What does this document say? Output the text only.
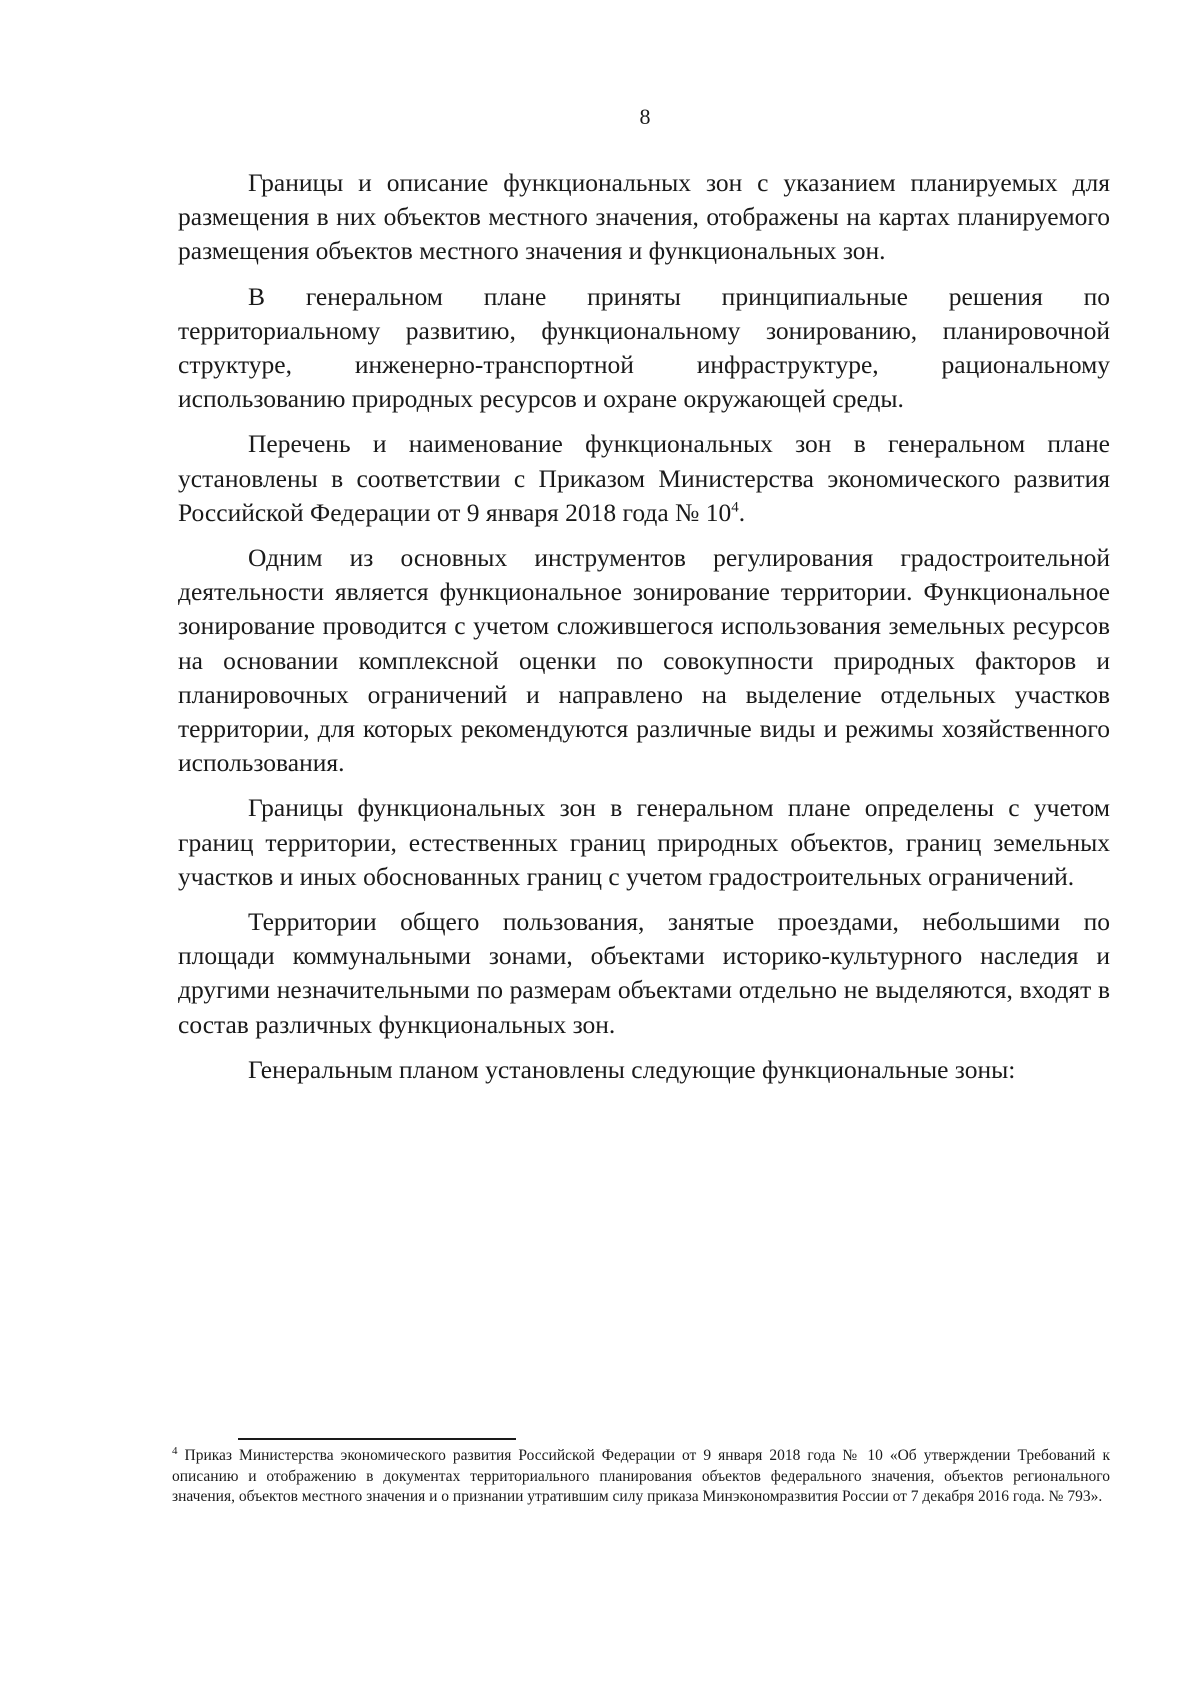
8

Границы и описание функциональных зон с указанием планируемых для размещения в них объектов местного значения, отображены на картах планируемого размещения объектов местного значения и функциональных зон.

В генеральном плане приняты принципиальные решения по территориальному развитию, функциональному зонированию, планировочной структуре, инженерно-транспортной инфраструктуре, рациональному использованию природных ресурсов и охране окружающей среды.

Перечень и наименование функциональных зон в генеральном плане установлены в соответствии с Приказом Министерства экономического развития Российской Федерации от 9 января 2018 года № $10^4$.

Одним из основных инструментов регулирования градостроительной деятельности является функциональное зонирование территории. Функциональное зонирование проводится с учетом сложившегося использования земельных ресурсов на основании комплексной оценки по совокупности природных факторов и планировочных ограничений и направлено на выделение отдельных участков территории, для которых рекомендуются различные виды и режимы хозяйственного использования.

Границы функциональных зон в генеральном плане определены с учетом границ территории, естественных границ природных объектов, границ земельных участков и иных обоснованных границ с учетом градостроительных ограничений.

Территории общего пользования, занятые проездами, небольшими по площади коммунальными зонами, объектами историко-культурного наследия и другими незначительными по размерам объектами отдельно не выделяются, входят в состав различных функциональных зон.

Генеральным планом установлены следующие функциональные зоны:

$^4$ Приказ Министерства экономического развития Российской Федерации от 9 января 2018 года № 10 «Об утверждении Требований к описанию и отображению в документах территориального планирования объектов федерального значения, объектов регионального значения, объектов местного значения и о признании утратившим силу приказа Минэкономразвития России от 7 декабря 2016 года. № 793».
